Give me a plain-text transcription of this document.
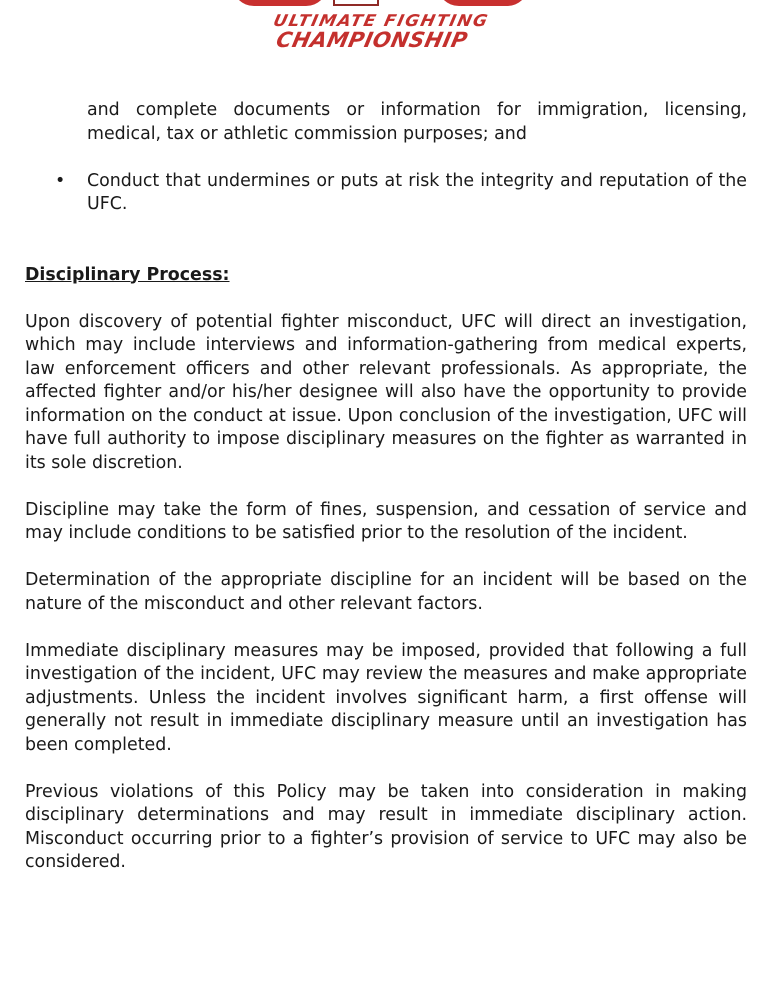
ULTIMATE FIGHTING
CHAMPIONSHIP

and complete documents or information for immigration, licensing, medical, tax or athletic commission purposes; and

•	Conduct that undermines or puts at risk the integrity and reputation of the UFC.

Disciplinary Process:

Upon discovery of potential fighter misconduct, UFC will direct an investigation, which may include interviews and information-gathering from medical experts, law enforcement officers and other relevant professionals. As appropriate, the affected fighter and/or his/her designee will also have the opportunity to provide information on the conduct at issue. Upon conclusion of the investigation, UFC will have full authority to impose disciplinary measures on the fighter as warranted in its sole discretion.

Discipline may take the form of fines, suspension, and cessation of service and may include conditions to be satisfied prior to the resolution of the incident.

Determination of the appropriate discipline for an incident will be based on the nature of the misconduct and other relevant factors.

Immediate disciplinary measures may be imposed, provided that following a full investigation of the incident, UFC may review the measures and make appropriate adjustments. Unless the incident involves significant harm, a first offense will generally not result in immediate disciplinary measure until an investigation has been completed.

Previous violations of this Policy may be taken into consideration in making disciplinary determinations and may result in immediate disciplinary action. Misconduct occurring prior to a fighter’s provision of service to UFC may also be considered.
